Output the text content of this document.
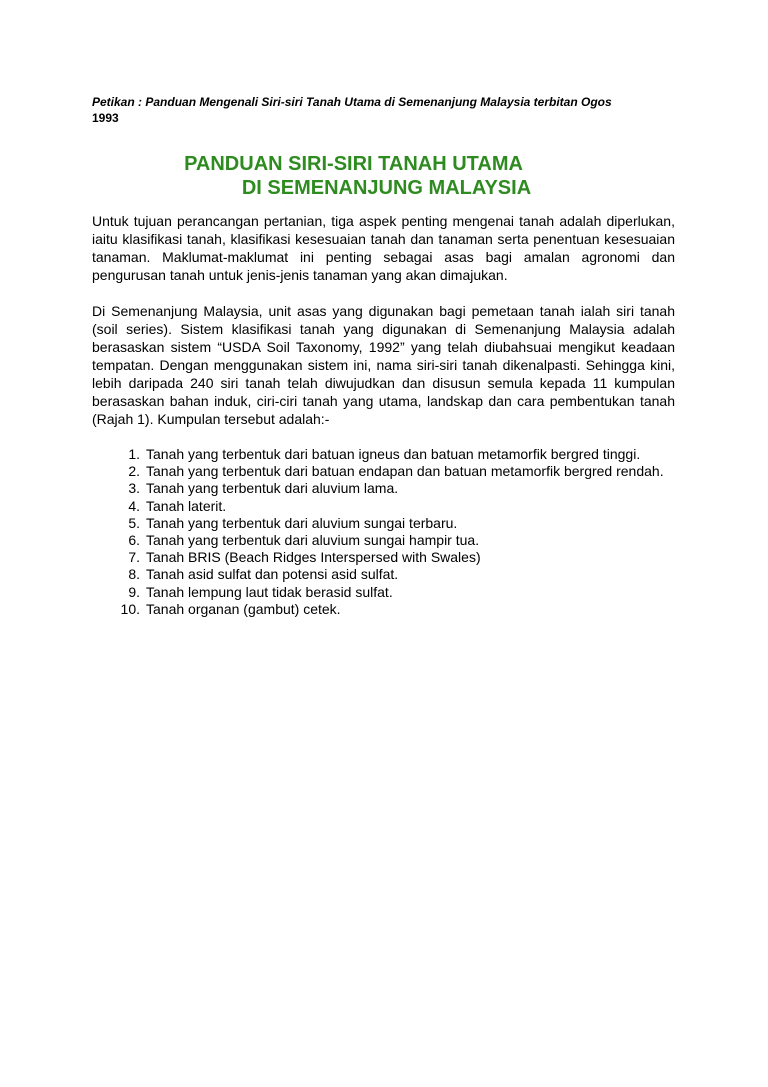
Petikan : Panduan Mengenali Siri-siri Tanah Utama di Semenanjung Malaysia terbitan Ogos
1993

PANDUAN SIRI-SIRI TANAH UTAMA
DI SEMENANJUNG MALAYSIA

Untuk tujuan perancangan pertanian, tiga aspek penting mengenai tanah adalah diperlukan, iaitu klasifikasi tanah, klasifikasi kesesuaian tanah dan tanaman serta penentuan kesesuaian tanaman. Maklumat-maklumat ini penting sebagai asas bagi amalan agronomi dan pengurusan tanah untuk jenis-jenis tanaman yang akan dimajukan.

Di Semenanjung Malaysia, unit asas yang digunakan bagi pemetaan tanah ialah siri tanah (soil series). Sistem klasifikasi tanah yang digunakan di Semenanjung Malaysia adalah berasaskan sistem “USDA Soil Taxonomy, 1992” yang telah diubahsuai mengikut keadaan tempatan. Dengan menggunakan sistem ini, nama siri-siri tanah dikenalpasti. Sehingga kini, lebih daripada 240 siri tanah telah diwujudkan dan disusun semula kepada 11 kumpulan berasaskan bahan induk, ciri-ciri tanah yang utama, landskap dan cara pembentukan tanah (Rajah 1). Kumpulan tersebut adalah:-

1. Tanah yang terbentuk dari batuan igneus dan batuan metamorfik bergred tinggi.
2. Tanah yang terbentuk dari batuan endapan dan batuan metamorfik bergred rendah.
3. Tanah yang terbentuk dari aluvium lama.
4. Tanah laterit.
5. Tanah yang terbentuk dari aluvium sungai terbaru.
6. Tanah yang terbentuk dari aluvium sungai hampir tua.
7. Tanah BRIS (Beach Ridges Interspersed with Swales)
8. Tanah asid sulfat dan potensi asid sulfat.
9. Tanah lempung laut tidak berasid sulfat.
10. Tanah organan (gambut) cetek.
